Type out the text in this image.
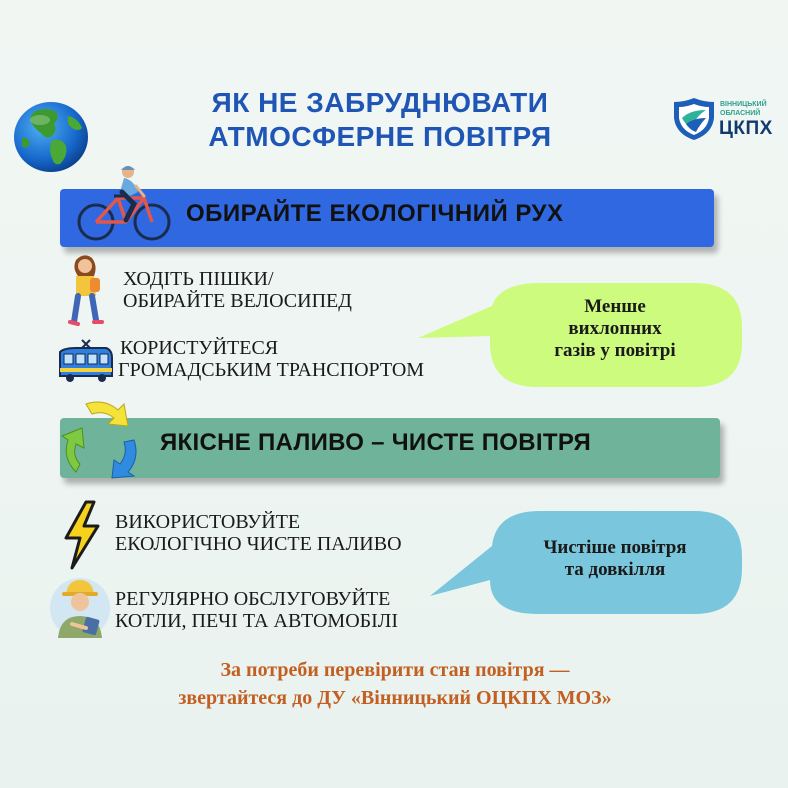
ЯК НЕ ЗАБРУДНЮВАТИ
АТМОСФЕРНЕ ПОВІТРЯ
ВІННИЦЬКИЙ
ОБЛАСНИЙ
ЦКПХ
ОБИРАЙТЕ ЕКОЛОГІЧНИЙ РУХ
ХОДІТЬ ПІШКИ/
ОБИРАЙТЕ ВЕЛОСИПЕД
КОРИСТУЙТЕСЯ
ГРОМАДСЬКИМ ТРАНСПОРТОМ
Менше
вихлопних
газів у повітрі
ЯКІСНЕ ПАЛИВО – ЧИСТЕ ПОВІТРЯ
ВИКОРИСТОВУЙТЕ
ЕКОЛОГІЧНО ЧИСТЕ ПАЛИВО
РЕГУЛЯРНО ОБСЛУГОВУЙТЕ
КОТЛИ, ПЕЧІ ТА АВТОМОБІЛІ
Чистіше повітря
та довкілля
За потреби перевірити стан повітря —
звертайтеся до ДУ «Вінницький ОЦКПХ МОЗ»
